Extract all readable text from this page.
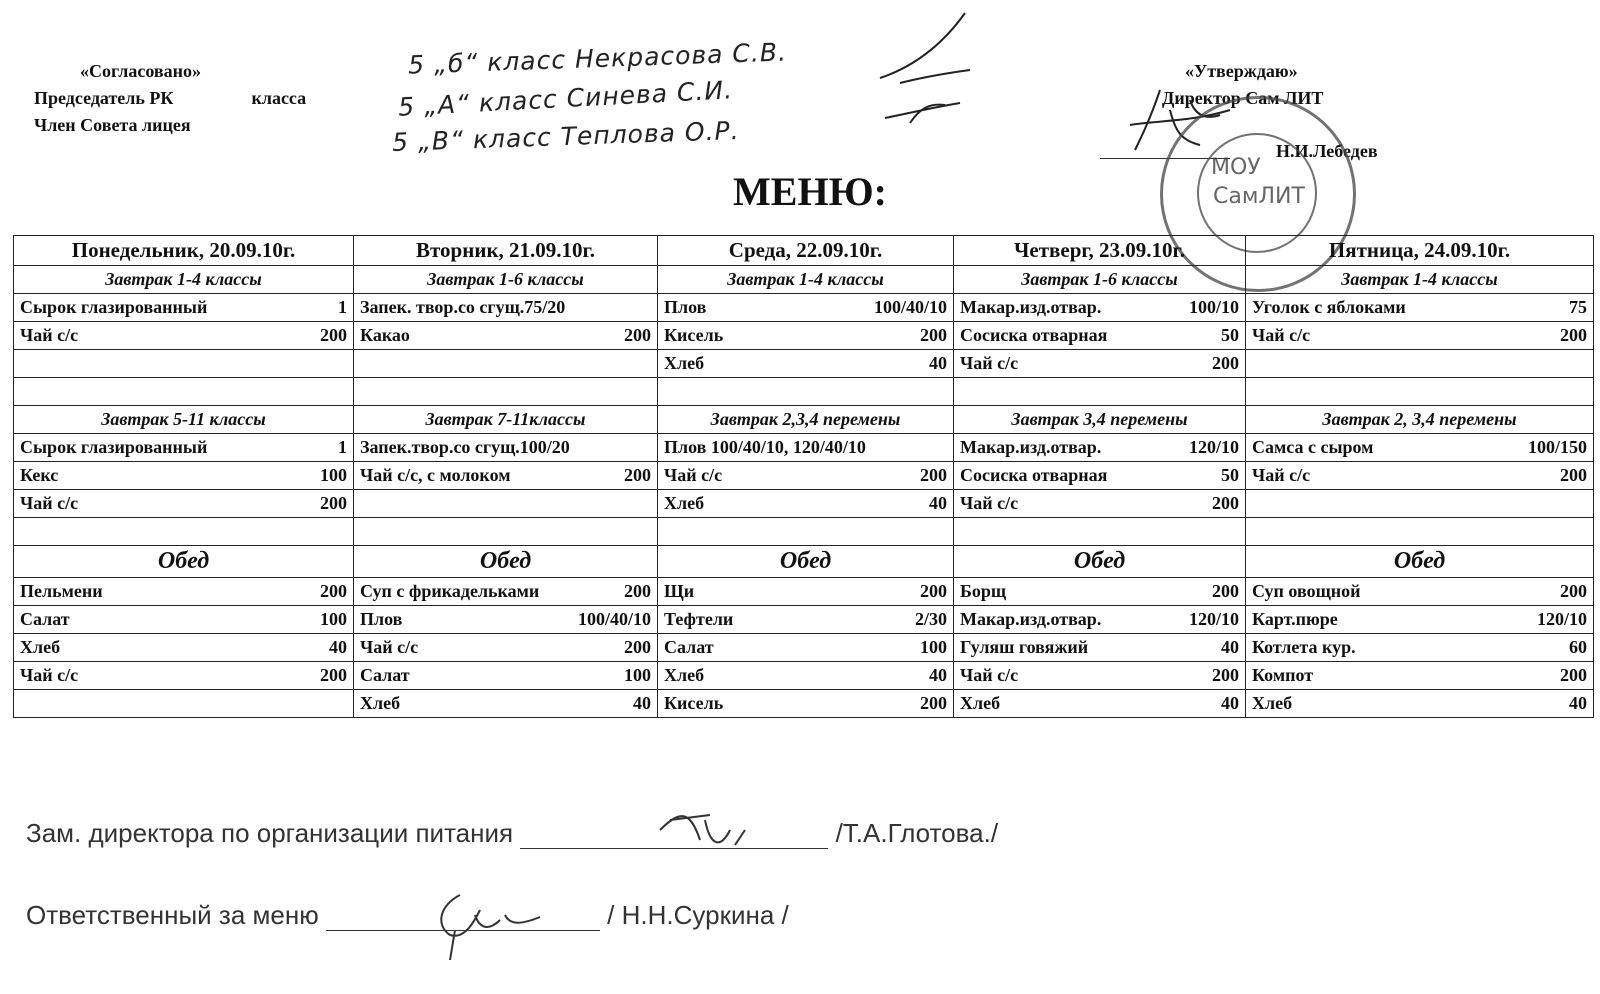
«Согласовано»
Председатель РК	класса
Член Совета лицея
5 „б“ класс Некрасова С.В.
5 „А“ класс Синева С.И.
5 „В“ класс Теплова О.Р.
«Утверждаю»
Директор Сам ЛИТ
Н.И.Лебедев
МОУ
СамЛИТ
МЕНЮ:
Понедельник, 20.09.10г.	Вторник, 21.09.10г.	Среда, 22.09.10г.	Четверг, 23.09.10г.	Пятница, 24.09.10г.
Завтрак 1-4 классы	Завтрак 1-6 классы	Завтрак 1-4 классы	Завтрак 1-6 классы	Завтрак 1-4 классы

Сырок глазированный 1	Запек. твор.со сгущ.75/20	Плов 100/40/10	Макар.изд.отвар. 100/10	Уголок с яблоками 75

Чай с/с 200	Какао 200	Кисель 200	Сосиска отварная 50	Чай с/с 200

		Хлеб 40	Чай с/с 200	

Завтрак 5-11 классы	Завтрак 7-11классы	Завтрак 2,3,4 перемены	Завтрак 3,4 перемены	Завтрак 2, 3,4 перемены

Сырок глазированный 1	Запек.твор.со сгущ.100/20	Плов 100/40/10, 120/40/10	Макар.изд.отвар. 120/10	Самса с сыром 100/150

Кекс 100	Чай с/с, с молоком 200	Чай с/с 200	Сосиска отварная 50	Чай с/с 200

Чай с/с 200		Хлеб 40	Чай с/с 200	

Обед	Обед	Обед	Обед	Обед

Пельмени 200	Суп с фрикадельками 200	Щи 200	Борщ 200	Суп овощной 200

Салат 100	Плов 100/40/10	Тефтели 2/30	Макар.изд.отвар. 120/10	Карт.пюре 120/10

Хлеб 40	Чай с/с 200	Салат 100	Гуляш говяжий 40	Котлета кур. 60

Чай с/с 200	Салат 100	Хлеб 40	Чай с/с 200	Компот 200

	Хлеб 40	Кисель 200	Хлеб 40	Хлеб 40
Зам. директора по организации питания	/Т.А.Глотова./
Ответственный за меню	/ Н.Н.Суркина /
